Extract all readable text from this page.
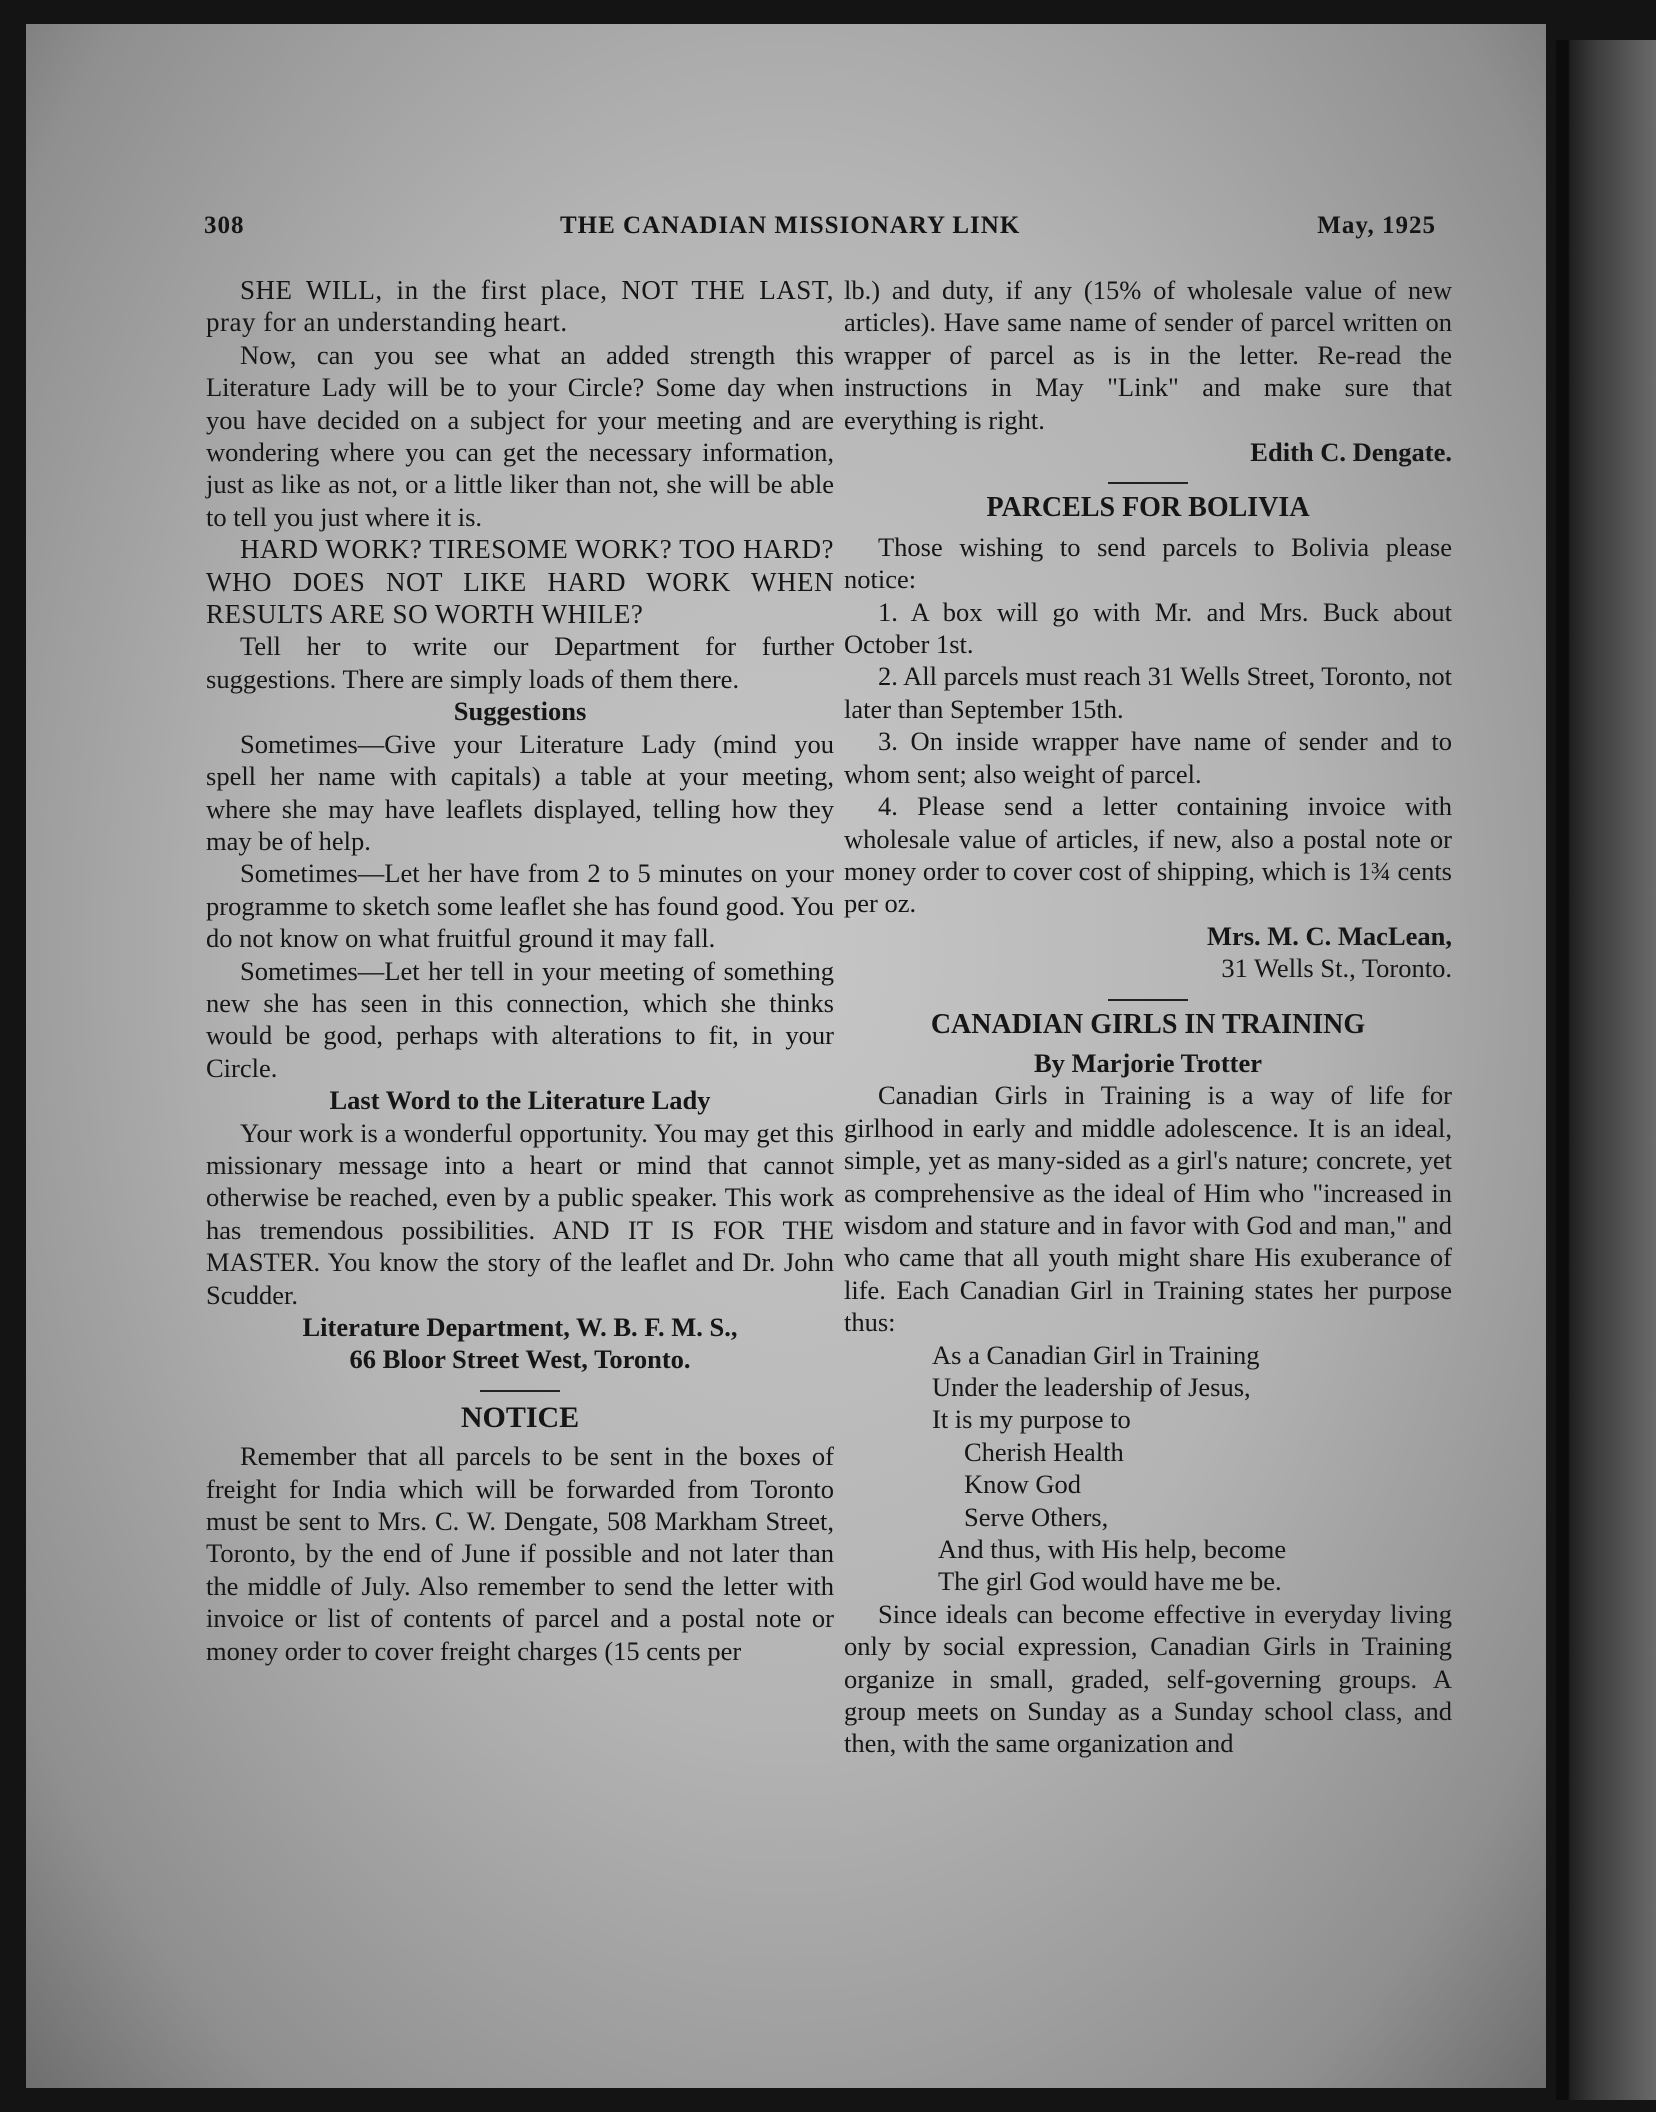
308	THE CANADIAN MISSIONARY LINK	May, 1925

SHE WILL, in the first place, NOT THE LAST, pray for an understanding heart.

Now, can you see what an added strength this Literature Lady will be to your Circle? Some day when you have decided on a subject for your meeting and are wondering where you can get the necessary information, just as like as not, or a little liker than not, she will be able to tell you just where it is.

HARD WORK? TIRESOME WORK? TOO HARD? WHO DOES NOT LIKE HARD WORK WHEN RESULTS ARE SO WORTH WHILE?

Tell her to write our Department for further suggestions. There are simply loads of them there.

Suggestions

Sometimes—Give your Literature Lady (mind you spell her name with capitals) a table at your meeting, where she may have leaflets displayed, telling how they may be of help.

Sometimes—Let her have from 2 to 5 minutes on your programme to sketch some leaflet she has found good. You do not know on what fruitful ground it may fall.

Sometimes—Let her tell in your meeting of something new she has seen in this connection, which she thinks would be good, perhaps with alterations to fit, in your Circle.

Last Word to the Literature Lady

Your work is a wonderful opportunity. You may get this missionary message into a heart or mind that cannot otherwise be reached, even by a public speaker. This work has tremendous possibilities. AND IT IS FOR THE MASTER. You know the story of the leaflet and Dr. John Scudder.

Literature Department, W. B. F. M. S.,
66 Bloor Street West, Toronto.
NOTICE

Remember that all parcels to be sent in the boxes of freight for India which will be forwarded from Toronto must be sent to Mrs. C. W. Dengate, 508 Markham Street, Toronto, by the end of June if possible and not later than the middle of July. Also remember to send the letter with invoice or list of contents of parcel and a postal note or money order to cover freight charges (15 cents per

lb.) and duty, if any (15% of wholesale value of new articles). Have same name of sender of parcel written on wrapper of parcel as is in the letter. Re-read the instructions in May "Link" and make sure that everything is right.

Edith C. Dengate.
PARCELS FOR BOLIVIA

Those wishing to send parcels to Bolivia please notice:

1. A box will go with Mr. and Mrs. Buck about October 1st.

2. All parcels must reach 31 Wells Street, Toronto, not later than September 15th.

3. On inside wrapper have name of sender and to whom sent; also weight of parcel.

4. Please send a letter containing invoice with wholesale value of articles, if new, also a postal note or money order to cover cost of shipping, which is 1¾ cents per oz.

Mrs. M. C. MacLean,
31 Wells St., Toronto.
CANADIAN GIRLS IN TRAINING
By Marjorie Trotter

Canadian Girls in Training is a way of life for girlhood in early and middle adolescence. It is an ideal, simple, yet as many-sided as a girl's nature; concrete, yet as comprehensive as the ideal of Him who "increased in wisdom and stature and in favor with God and man," and who came that all youth might share His exuberance of life. Each Canadian Girl in Training states her purpose thus:

As a Canadian Girl in Training
Under the leadership of Jesus,
It is my purpose to
Cherish Health
Know God
Serve Others,
And thus, with His help, become
The girl God would have me be.

Since ideals can become effective in everyday living only by social expression, Canadian Girls in Training organize in small, graded, self-governing groups. A group meets on Sunday as a Sunday school class, and then, with the same organization and
